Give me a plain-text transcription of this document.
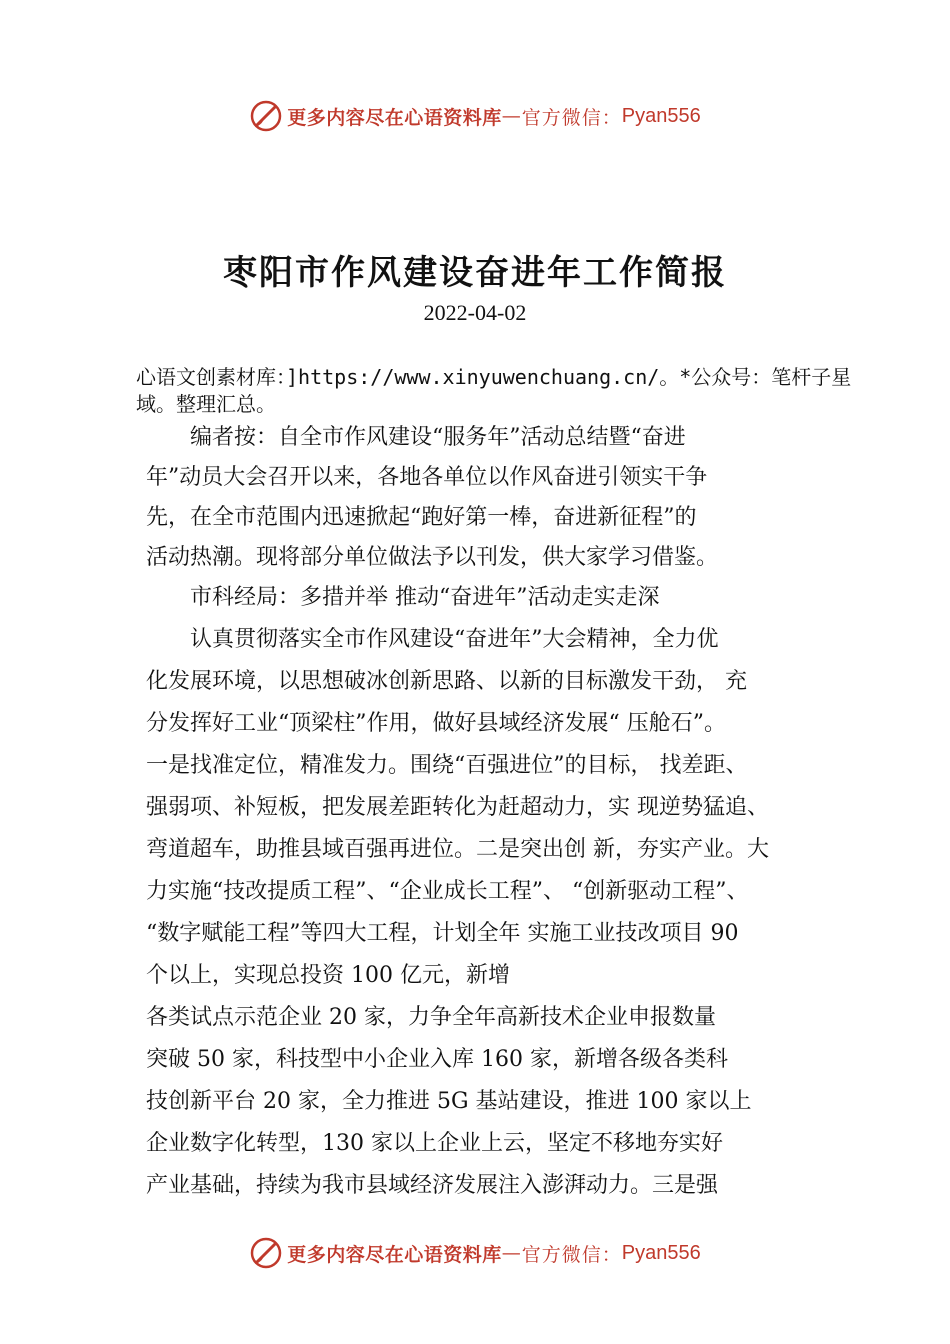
更多内容尽在心语资料库 — 官方微信： Pyan556
枣阳市作风建设奋进年工作简报
2022-04-02
心语文创素材库：]https://www.xinyuwenchuang.cn/。*公众号：笔杆子星域。整理汇总。
　　编者按：自全市作风建设“服务年”活动总结暨“奋进
年”动员大会召开以来，各地各单位以作风奋进引领实干争
先，在全市范围内迅速掀起“跑好第一棒，奋进新征程”的
活动热潮。现将部分单位做法予以刊发，供大家学习借鉴。
　　市科经局：多措并举 推动“奋进年”活动走实走深
　　认真贯彻落实全市作风建设“奋进年”大会精神，全力优
化发展环境，以思想破冰创新思路、以新的目标激发干劲， 充
分发挥好工业“顶梁柱”作用，做好县域经济发展“ 压舱石”。
一是找准定位，精准发力。围绕“百强进位”的目标， 找差距、
强弱项、补短板，把发展差距转化为赶超动力，实 现逆势猛追、
弯道超车，助推县域百强再进位。二是突出创 新，夯实产业。大
力实施“技改提质工程”、“企业成长工程”、 “创新驱动工程”、
“数字赋能工程”等四大工程，计划全年 实施工业技改项目 90
个以上，实现总投资 100 亿元，新增
各类试点示范企业 20 家，力争全年高新技术企业申报数量
突破 50 家，科技型中小企业入库 160 家，新增各级各类科
技创新平台 20 家，全力推进 5G 基站建设，推进 100 家以上
企业数字化转型，130 家以上企业上云，坚定不移地夯实好
产业基础，持续为我市县域经济发展注入澎湃动力。三是强
更多内容尽在心语资料库 — 官方微信： Pyan556
